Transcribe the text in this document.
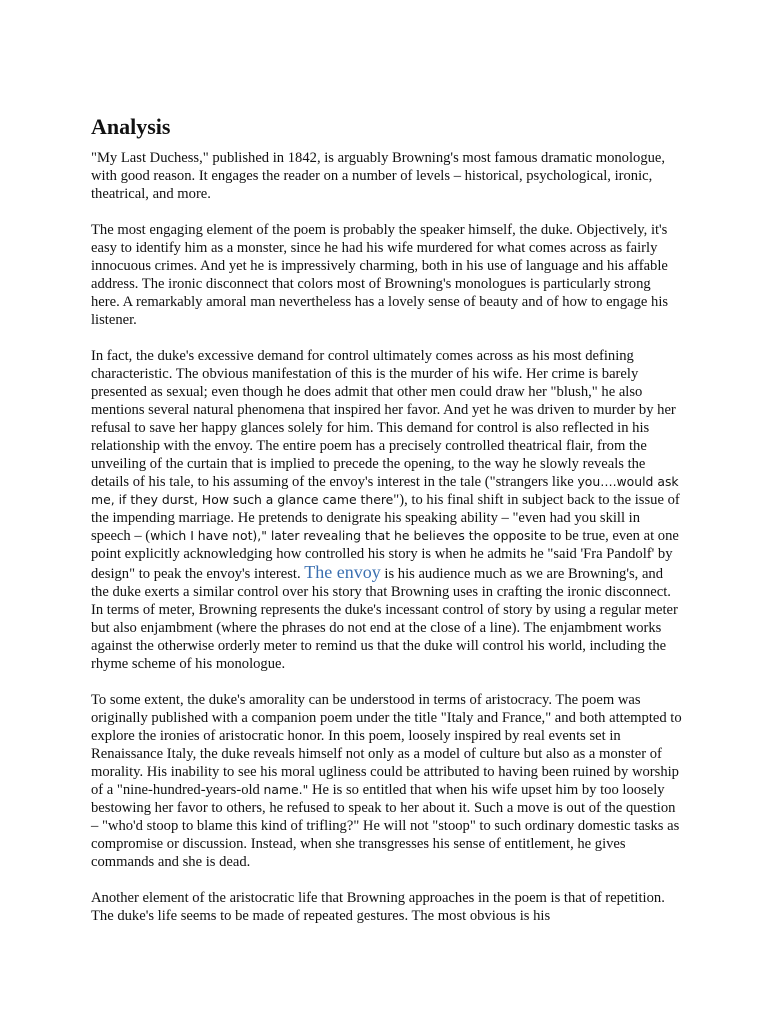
Analysis

"My Last Duchess," published in 1842, is arguably Browning's most famous dramatic monologue, with good reason. It engages the reader on a number of levels – historical, psychological, ironic, theatrical, and more.

The most engaging element of the poem is probably the speaker himself, the duke. Objectively, it's easy to identify him as a monster, since he had his wife murdered for what comes across as fairly innocuous crimes. And yet he is impressively charming, both in his use of language and his affable address. The ironic disconnect that colors most of Browning's monologues is particularly strong here. A remarkably amoral man nevertheless has a lovely sense of beauty and of how to engage his listener.

In fact, the duke's excessive demand for control ultimately comes across as his most defining characteristic. The obvious manifestation of this is the murder of his wife. Her crime is barely presented as sexual; even though he does admit that other men could draw her "blush," he also mentions several natural phenomena that inspired her favor. And yet he was driven to murder by her refusal to save her happy glances solely for him. This demand for control is also reflected in his relationship with the envoy. The entire poem has a precisely controlled theatrical flair, from the unveiling of the curtain that is implied to precede the opening, to the way he slowly reveals the details of his tale, to his assuming of the envoy's interest in the tale ("strangers like you….would ask me, if they durst, How such a glance came there"), to his final shift in subject back to the issue of the impending marriage. He pretends to denigrate his speaking ability – "even had you skill in speech – (which I have not)," later revealing that he believes the opposite to be true, even at one point explicitly acknowledging how controlled his story is when he admits he "said 'Fra Pandolf' by design" to peak the envoy's interest. The envoy is his audience much as we are Browning's, and the duke exerts a similar control over his story that Browning uses in crafting the ironic disconnect.

In terms of meter, Browning represents the duke's incessant control of story by using a regular meter but also enjambment (where the phrases do not end at the close of a line). The enjambment works against the otherwise orderly meter to remind us that the duke will control his world, including the rhyme scheme of his monologue.

To some extent, the duke's amorality can be understood in terms of aristocracy. The poem was originally published with a companion poem under the title "Italy and France," and both attempted to explore the ironies of aristocratic honor. In this poem, loosely inspired by real events set in Renaissance Italy, the duke reveals himself not only as a model of culture but also as a monster of morality. His inability to see his moral ugliness could be attributed to having been ruined by worship of a "nine-hundred-years-old name." He is so entitled that when his wife upset him by too loosely bestowing her favor to others, he refused to speak to her about it. Such a move is out of the question – "who'd stoop to blame this kind of trifling?" He will not "stoop" to such ordinary domestic tasks as compromise or discussion. Instead, when she transgresses his sense of entitlement, he gives commands and she is dead.

Another element of the aristocratic life that Browning approaches in the poem is that of repetition. The duke's life seems to be made of repeated gestures. The most obvious is his
